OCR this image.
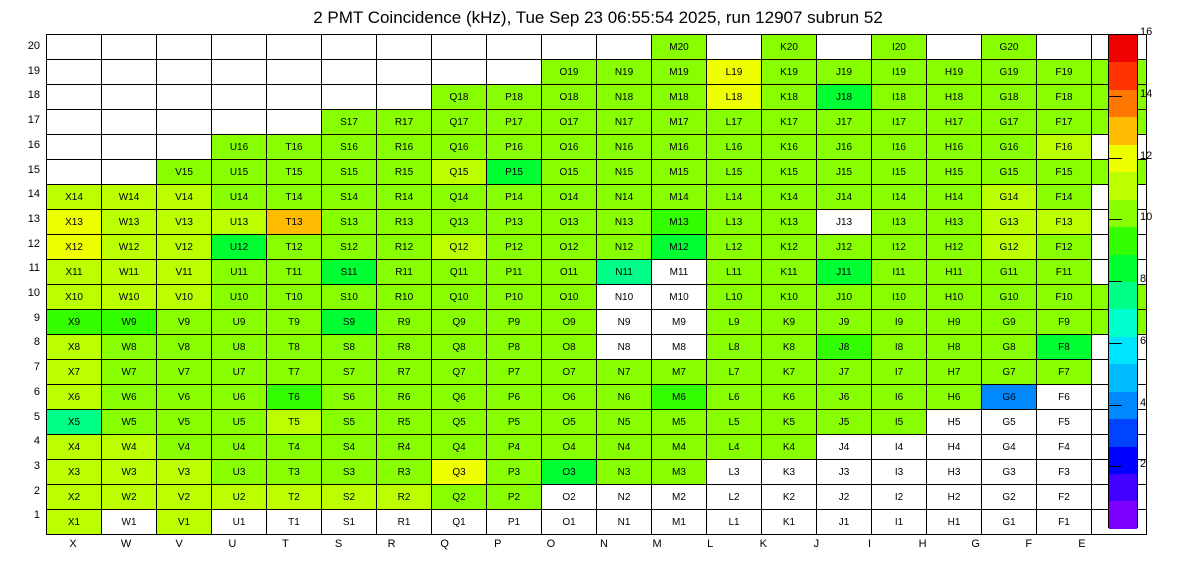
2 PMT Coincidence (kHz), Tue Sep 23 06:55:54 2025, run 12907 subrun 52
											M20		K20		I20		G20		
									O19	N19	M19	L19	K19	J19	I19	H19	G19	F19	
							Q18	P18	O18	N18	M18	L18	K18	J18	I18	H18	G18	F18	
					S17	R17	Q17	P17	O17	N17	M17	L17	K17	J17	I17	H17	G17	F17	
			U16	T16	S16	R16	Q16	P16	O16	N16	M16	L16	K16	J16	I16	H16	G16	F16	
		V15	U15	T15	S15	R15	Q15	P15	O15	N15	M15	L15	K15	J15	I15	H15	G15	F15	
X14	W14	V14	U14	T14	S14	R14	Q14	P14	O14	N14	M14	L14	K14	J14	I14	H14	G14	F14	
X13	W13	V13	U13	T13	S13	R13	Q13	P13	O13	N13	M13	L13	K13	J13	I13	H13	G13	F13	
X12	W12	V12	U12	T12	S12	R12	Q12	P12	O12	N12	M12	L12	K12	J12	I12	H12	G12	F12	
X11	W11	V11	U11	T11	S11	R11	Q11	P11	O11	N11	M11	L11	K11	J11	I11	H11	G11	F11	
X10	W10	V10	U10	T10	S10	R10	Q10	P10	O10	N10	M10	L10	K10	J10	I10	H10	G10	F10	
X9	W9	V9	U9	T9	S9	R9	Q9	P9	O9	N9	M9	L9	K9	J9	I9	H9	G9	F9	
X8	W8	V8	U8	T8	S8	R8	Q8	P8	O8	N8	M8	L8	K8	J8	I8	H8	G8	F8	
X7	W7	V7	U7	T7	S7	R7	Q7	P7	O7	N7	M7	L7	K7	J7	I7	H7	G7	F7	
X6	W6	V6	U6	T6	S6	R6	Q6	P6	O6	N6	M6	L6	K6	J6	I6	H6	G6	F6	
X5	W5	V5	U5	T5	S5	R5	Q5	P5	O5	N5	M5	L5	K5	J5	I5	H5	G5	F5	
X4	W4	V4	U4	T4	S4	R4	Q4	P4	O4	N4	M4	L4	K4	J4	I4	H4	G4	F4	
X3	W3	V3	U3	T3	S3	R3	Q3	P3	O3	N3	M3	L3	K3	J3	I3	H3	G3	F3	
X2	W2	V2	U2	T2	S2	R2	Q2	P2	O2	N2	M2	L2	K2	J2	I2	H2	G2	F2	
X1	W1	V1	U1	T1	S1	R1	Q1	P1	O1	N1	M1	L1	K1	J1	I1	H1	G1	F1	
20
19
18
17
16
15
14
13
12
11
10
9
8
7
6
5
4
3
2
1
X	W	V	U	T	S	R	Q	P	O	N	M	L	K	J	I	H	G	F	E
2
4
6
8
10
12
14
16
